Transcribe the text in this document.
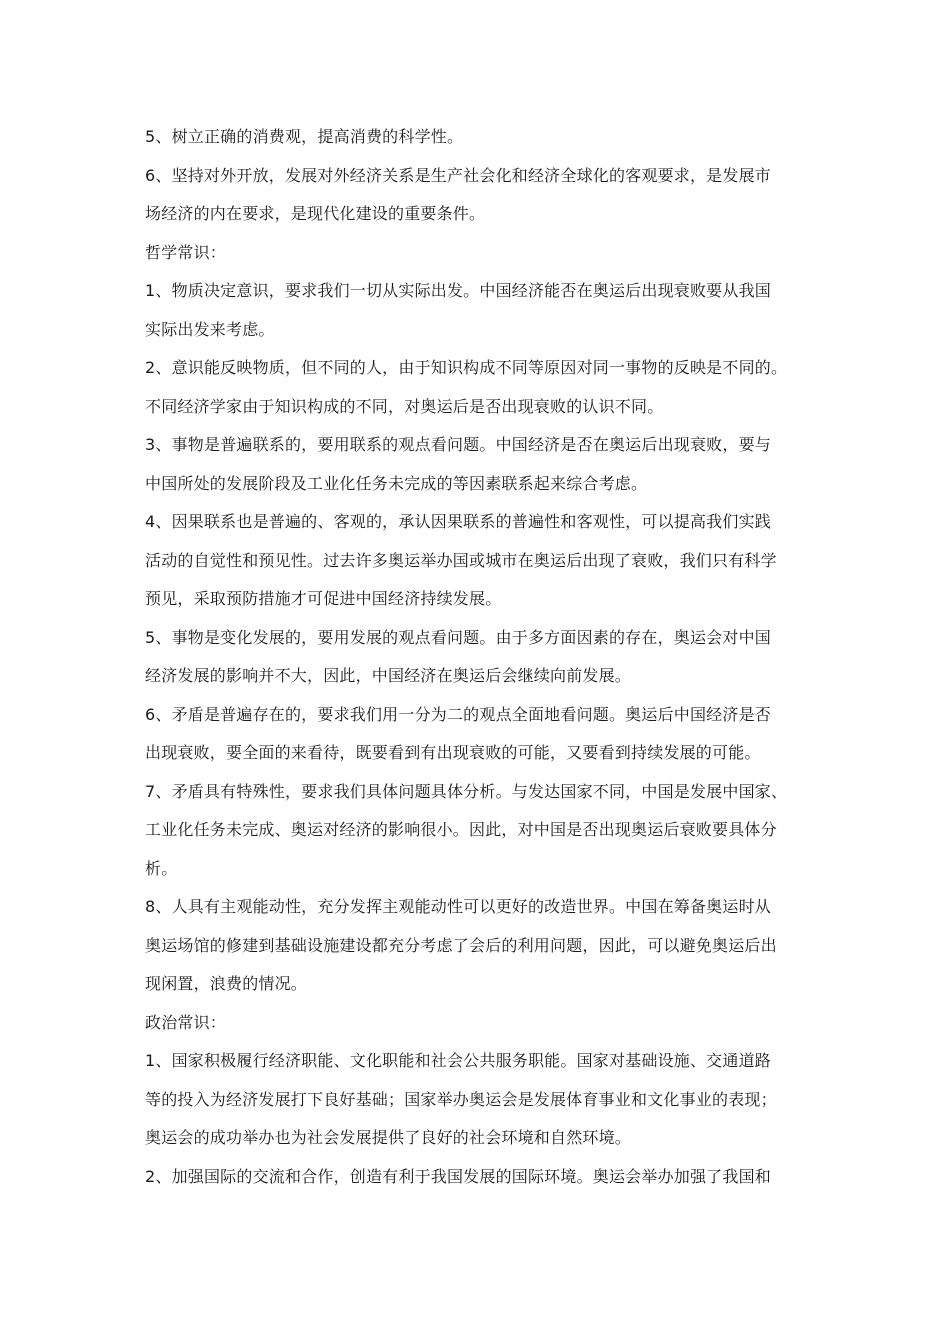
5、树立正确的消费观，提高消费的科学性。
6、坚持对外开放，发展对外经济关系是生产社会化和经济全球化的客观要求，是发展市
场经济的内在要求，是现代化建设的重要条件。
哲学常识：
1、物质决定意识，要求我们一切从实际出发。中国经济能否在奥运后出现衰败要从我国
实际出发来考虑。
2、意识能反映物质，但不同的人，由于知识构成不同等原因对同一事物的反映是不同的。
不同经济学家由于知识构成的不同，对奥运后是否出现衰败的认识不同。
3、事物是普遍联系的，要用联系的观点看问题。中国经济是否在奥运后出现衰败，要与
中国所处的发展阶段及工业化任务未完成的等因素联系起来综合考虑。
4、因果联系也是普遍的、客观的，承认因果联系的普遍性和客观性，可以提高我们实践
活动的自觉性和预见性。过去许多奥运举办国或城市在奥运后出现了衰败，我们只有科学
预见，采取预防措施才可促进中国经济持续发展。
5、事物是变化发展的，要用发展的观点看问题。由于多方面因素的存在，奥运会对中国
经济发展的影响并不大，因此，中国经济在奥运后会继续向前发展。
6、矛盾是普遍存在的，要求我们用一分为二的观点全面地看问题。奥运后中国经济是否
出现衰败，要全面的来看待，既要看到有出现衰败的可能，又要看到持续发展的可能。
7、矛盾具有特殊性，要求我们具体问题具体分析。与发达国家不同，中国是发展中国家、
工业化任务未完成、奥运对经济的影响很小。因此，对中国是否出现奥运后衰败要具体分
析。
8、人具有主观能动性，充分发挥主观能动性可以更好的改造世界。中国在筹备奥运时从
奥运场馆的修建到基础设施建设都充分考虑了会后的利用问题，因此，可以避免奥运后出
现闲置，浪费的情况。
政治常识：
1、国家积极履行经济职能、文化职能和社会公共服务职能。国家对基础设施、交通道路
等的投入为经济发展打下良好基础；国家举办奥运会是发展体育事业和文化事业的表现；
奥运会的成功举办也为社会发展提供了良好的社会环境和自然环境。
2、加强国际的交流和合作，创造有利于我国发展的国际环境。奥运会举办加强了我国和
